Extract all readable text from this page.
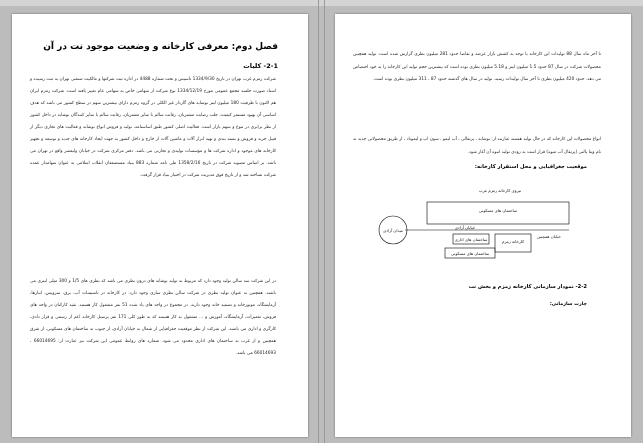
فصل دوم: معرفی کارخانه و وضعیت موجود نت در آن
2-1- کلیات
شرکت زمزم غرب تهران در تاریخ 1334/9/30 تاسیس و تحت شماره 4488 در اداره ثبت شرکتها و مالکیت صنعتی تهران به ثبت رسیده و اسناد صورت جلسه مجمع عمومی مورخ 1334/12/19 نوع شرکت از سهامی خاص به سهامی عام تغییر یافته است. شرکت زمزم ایران هم اکنون با ظرفیت 180 میلیون لیتر نوشابه های گازدار غیر الکلی در گروه زمزم دارای بیشترین سهم در سطح کشور می باشد که هدف اساسی آن بهبود مستمر کیفیت، جلب رضایت مشتریان، رقابت سالم با سایر مشتریان، رقابت سالم با سایر کنندگان نوشابه در داخل کشور از نظر برابری در تنوع و سهم بازار است. فعالیت اصلی کشور طبق اساسنامه، تولید و فروش انواع نوشابه و فعالیت های تجاری دیگر از قبیل خرید و فروش و بسته بندی و تهیه ابزار آلات و ماشین آلات از خارج و داخل کشور به جهت ایجاد کارخانه های جدید و توسعه و تجهیز کارخانه های موجود و اداره شرکت ها و مؤسسات تولیدی و تجارتی می باشد. دفتر مرکزی شرکت در خیابان ولیعصر واقع در تهران می باشد. بر اساس مصوبه شرکت در تاریخ 1358/2/16 طی نامه شماره 883 بنیاد مستضعفان انقلاب اسلامی به عنوان سهامدار عمده شرکت شناخته شد و از تاریخ فوق مدیریت شرکت در اختیار بنیاد قرار گرفت.
در این شرکت سه سالن تولید وجود دارد که مربوط به تولید نوشابه های درون بطری می باشد که بطری های 1/5 و 300 میلی لیتری می باشند. همچنین به عنوان تولید بطری در شرکت سالن بطری سازی وجود دارد. در کارخانه در تاسیسات آب، برق، سرویس، انبارها، آزمایشگاه، موتورخانه و تصفیه خانه وجود دارند. در مجموع در واحد های یاد شده 51 نفر مشغول کار هستند. بقیه کارکنان در واحد های فروش، تعمیرات، آزمایشگاه، آموزش و ... مشغول به کار هستند که به طور کلی 171 نفر پرسنل کارخانه اعم از رسمی و قرار دادی، کارگری و اداری می باشند. این شرکت از نظر موقعیت جغرافیایی از شمال به خیابان آزادی، از جنوب به ساختمان های مسکونی، از شرق همچنین و از غرب به ساختمان های اداری محدود می شود. شماره های روابط عمومی این شرکت نیز عبارت از: 66014695 ، 66014693 می باشد.
تا آخر ماه سال 88 تولیدات این کارخانه با توجه به کشش بازار عرضه و تقاضا حدود 281 میلیون بطری گزارش شده است. تولید همچنین محصولات شرکت در سال 87 حدود 1.5 میلیون لیتر و 5.18 میلیون بطری بوده است که بیشترین حجم تولید این کارخانه را به خود اختصاص می دهد. حدود 420 میلیون بطری تا آخر سال تولیدات رسید. تولید در سال های گذشته حدود 87 ، 311 میلیون بطری بوده است.
انواع محصولات این کارخانه که در حال تولید هستند عبارتند از: نوشابه ، پرتقالی ، آب لیمو ، سون اپ و لیموناد ، از طریق محصولاتی جدید به نام ویتا پالتی (پرتقال آب میوه) قرار است به زودی تولید انبوه آن آغاز شود.
موقعیت جغرافیایی و محل استقرار کارخانه:
نیروی کارخانه زمزم غرب
ساختمان های مسکونی
خیابان آزادی
میدان آزادی
کارخانه زمزم
ساختمان های اداری
ساختمان های مسکونی
خیابان همچنین
2-2- نمودار سازمانی کارخانه زمزم و بخش نت
چارت سازمانی:
